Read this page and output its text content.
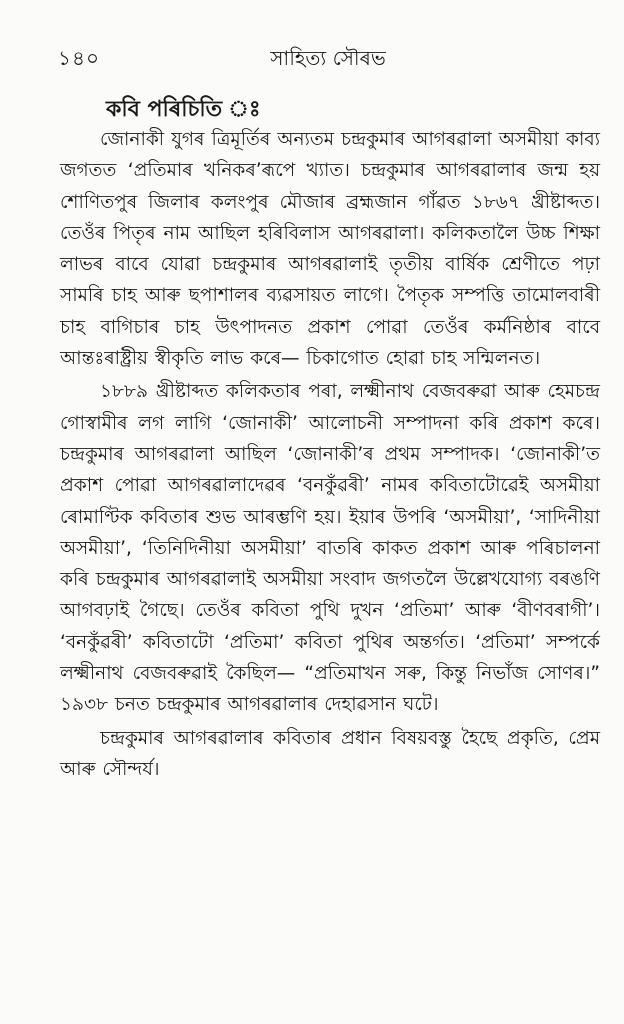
১৪০	সাহিত্য সৌৰভ
কবি পৰিচিতি ঃ

জোনাকী যুগৰ ত্ৰিমূৰ্তিৰ অন্যতম চন্দ্ৰকুমাৰ আগৰৱালা অসমীয়া কাব্য জগতত ‘প্ৰতিমাৰ খনিকৰ’ৰূপে খ্যাত। চন্দ্ৰকুমাৰ আগৰৱালাৰ জন্ম হয় শোণিতপুৰ জিলাৰ কলংপুৰ মৌজাৰ ব্ৰহ্মজান গাঁৱত ১৮৬৭ খ্ৰীষ্টাব্দত। তেওঁৰ পিতৃৰ নাম আছিল হৰিবিলাস আগৰৱালা। কলিকতালৈ উচ্চ শিক্ষা লাভৰ বাবে যোৱা চন্দ্ৰকুমাৰ আগৰৱালাই তৃতীয় বাৰ্ষিক শ্ৰেণীতে পঢ়া সামৰি চাহ আৰু ছপাশালৰ ব্যৱসায়ত লাগে। পৈতৃক সম্পত্তি তামোলবাৰী চাহ বাগিচাৰ চাহ উৎপাদনত প্ৰকাশ পোৱা তেওঁৰ কৰ্মনিষ্ঠাৰ বাবে আন্তঃৰাষ্ট্ৰীয় স্বীকৃতি লাভ কৰে— চিকাগোত হোৱা চাহ সন্মিলনত।

১৮৮৯ খ্ৰীষ্টাব্দত কলিকতাৰ পৰা, লক্ষ্মীনাথ বেজবৰুৱা আৰু হেমচন্দ্ৰ গোস্বামীৰ লগ লাগি ‘জোনাকী’ আলোচনী সম্পাদনা কৰি প্ৰকাশ কৰে। চন্দ্ৰকুমাৰ আগৰৱালা আছিল ‘জোনাকী’ৰ প্ৰথম সম্পাদক। ‘জোনাকী’ত প্ৰকাশ পোৱা আগৰৱালাদেৱৰ ‘বনকুঁৱৰী’ নামৰ কবিতাটোৱেই অসমীয়া ৰোমাণ্টিক কবিতাৰ শুভ আৰম্ভণি হয়। ইয়াৰ উপৰি ‘অসমীয়া’, ‘সাদিনীয়া অসমীয়া’, ‘তিনিদিনীয়া অসমীয়া’ বাতৰি কাকত প্ৰকাশ আৰু পৰিচালনা কৰি চন্দ্ৰকুমাৰ আগৰৱালাই অসমীয়া সংবাদ জগতলৈ উল্লেখযোগ্য বৰঙণি আগবঢ়াই গৈছে। তেওঁৰ কবিতা পুথি দুখন ‘প্ৰতিমা’ আৰু ‘বীণবৰাগী’। ‘বনকুঁৱৰী’ কবিতাটো ‘প্ৰতিমা’ কবিতা পুথিৰ অন্তৰ্গত। ‘প্ৰতিমা’ সম্পৰ্কে লক্ষ্মীনাথ বেজবৰুৱাই কৈছিল— “প্ৰতিমাখন সৰু, কিন্তু নিভাঁজ সোণৰ।” ১৯৩৮ চনত চন্দ্ৰকুমাৰ আগৰৱালাৰ দেহাৱসান ঘটে।

চন্দ্ৰকুমাৰ আগৰৱালাৰ কবিতাৰ প্ৰধান বিষয়বস্তু হৈছে প্ৰকৃতি, প্ৰেম আৰু সৌন্দৰ্য।
